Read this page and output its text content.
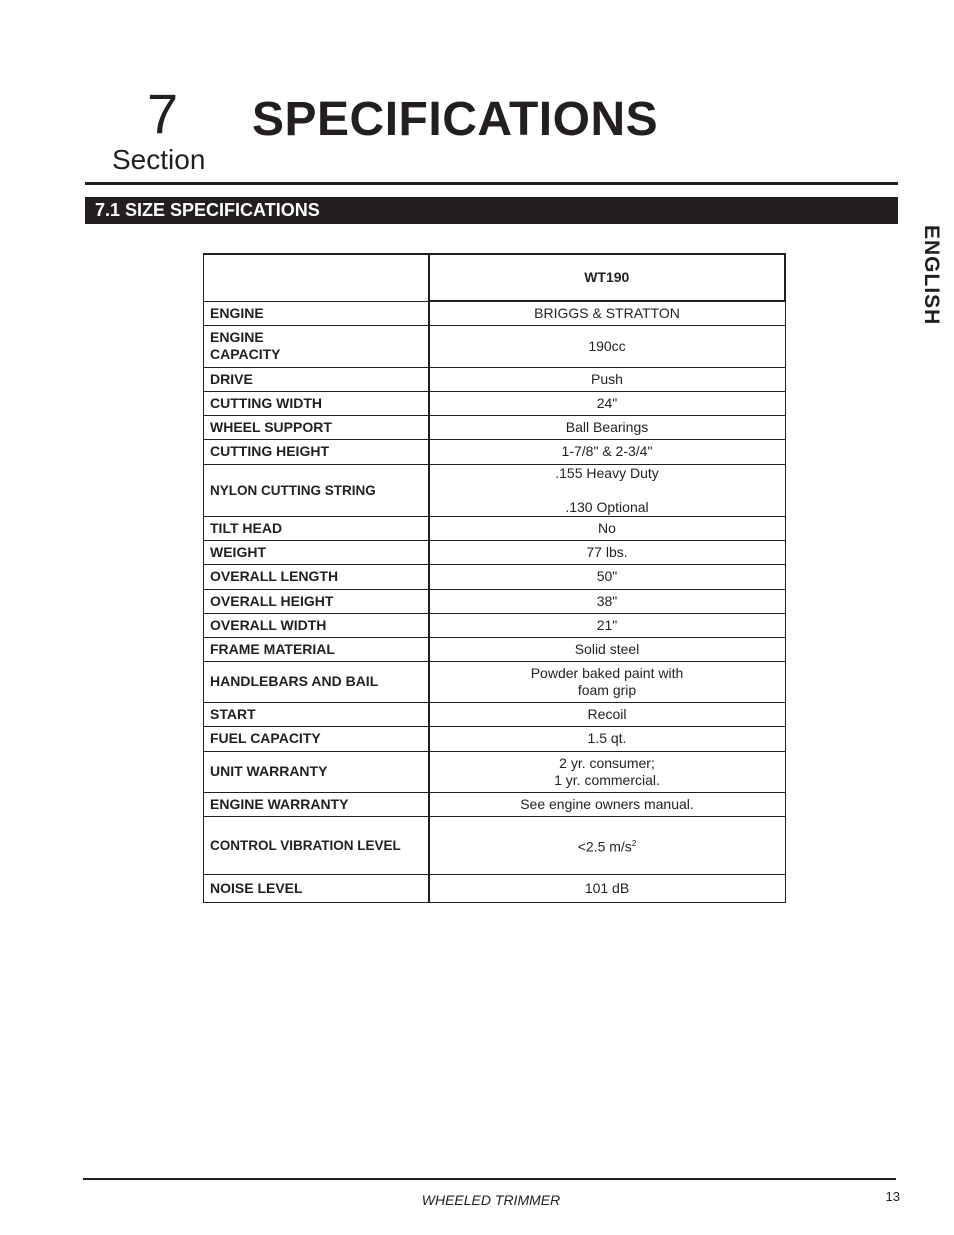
7
Section
SPECIFICATIONS
7.1 SIZE SPECIFICATIONS
ENGLISH
	WT190
ENGINE	BRIGGS & STRATTON
ENGINE
CAPACITY	190cc
DRIVE	Push
CUTTING WIDTH	24"
WHEEL SUPPORT	Ball Bearings
CUTTING HEIGHT	1-7/8" & 2-3/4"
NYLON CUTTING STRING	.155 Heavy Duty

.130 Optional
TILT HEAD	No
WEIGHT	77 lbs.
OVERALL LENGTH	50"
OVERALL HEIGHT	38"
OVERALL WIDTH	21"
FRAME MATERIAL	Solid steel
HANDLEBARS AND BAIL	Powder baked paint with
foam grip
START	Recoil
FUEL CAPACITY	1.5 qt.
UNIT WARRANTY	2 yr. consumer;
1 yr. commercial.
ENGINE WARRANTY	See engine owners manual.
CONTROL VIBRATION LEVEL	<2.5 $m/s^2$
NOISE LEVEL	101 dB
WHEELED TRIMMER	13
